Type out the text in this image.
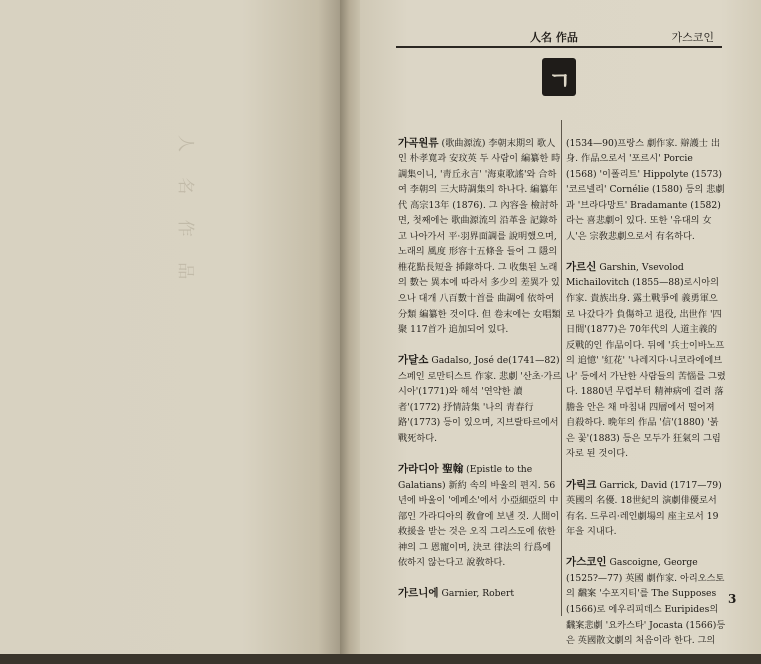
人 名 作 品
人名 作品	가스코인
ㄱ

가곡원류 (歌曲源流) 李朝末期의 歌人인 朴孝寬과 安玟英 두 사람이 編纂한 時調集이니, '靑丘永言' '海東歌謠'와 合하여 李朝의 三大時調集의 하나다. 編纂年代 高宗13年 (1876). 그 內容을 檢討하면, 첫째에는 歌曲源流의 沿革을 記錄하고 나아가서 平·羽界面調를 說明했으며, 노래의 風度 形容十五條을 들어 그 隱의 椎花點長短을 揷錄하다. 그 收集된 노래의 數는 異本에 따라서 多少의 差異가 있으나 대개 八百數十首를 曲調에 依하여 分類 編纂한 것이다. 但 卷末에는 女唱類聚 117首가 追加되어 있다.

가달소 Gadalso, José de(1741—82) 스페인 로만티스트 作家. 悲劇 '산초·가르시아'(1771)와 해석 '연약한 讀者'(1772) 抒情詩集 '나의 靑春行路'(1773) 등이 있으며, 지브랄타르에서 戰死하다.

가라디아 聖翰 (Epistle to the Galatians) 新約 속의 바울의 편지. 56년에 바울이 '에페소'에서 小亞細亞의 中部인 가라디아의 敎會에 보낸 것. 人間이 救援을 받는 것은 오직 그리스도에 依한 神의 그 恩寵이며, 決코 律法의 行爲에 依하지 않는다고 說敎하다.

가르니에 Garnier, Robert

(1534—90)프랑스 劇作家. 辯護士 出身. 作品으로서 '포르시' Porcie (1568) '이폴리트' Hippolyte (1573) '코르넬리' Cornélie (1580) 등의 悲劇과 '브라다망트' Bradamante (1582)라는 喜悲劇이 있다. 또한 '유대의 女人'은 宗敎悲劇으로서 有名하다.

가르신 Garshin, Vsevolod Michailovitch (1855—88)로시아의 作家. 貴族出身. 露土戰爭에 義勇軍으로 나갔다가 負傷하고 退役, 出世作 '四日間'(1877)은 70年代의 人道主義的 反戰的인 作品이다. 뒤에 '兵士이바노프의 追憶' '紅花' '나레지다·니코라에에브나' 등에서 가난한 사람들의 苦惱를 그렸다. 1880년 무렵부터 精神病에 걸려 落膽을 안은 채 마침내 四層에서 떨어져 自殺하다. 晩年의 作品 '信'(1880) '붉은 꽃'(1883) 등은 모두가 狂氣의 그림자로 된 것이다.

가릭크 Garrick, David (1717—79) 英國의 名優. 18世紀의 演劇俳優로서 有名. 드루리·레인劇場의 座主로서 19年을 지내다.

가스코인 Gascoigne, George (1525?—77) 英國 劇作家. 아리오스토의 飜案 '수포지티'를 The Supposes (1566)로 에우리피데스 Euripides의 飜案悲劇 '요카스타' Jocasta (1566)등은 英國散文劇의 처음이라 한다. 그의

3
